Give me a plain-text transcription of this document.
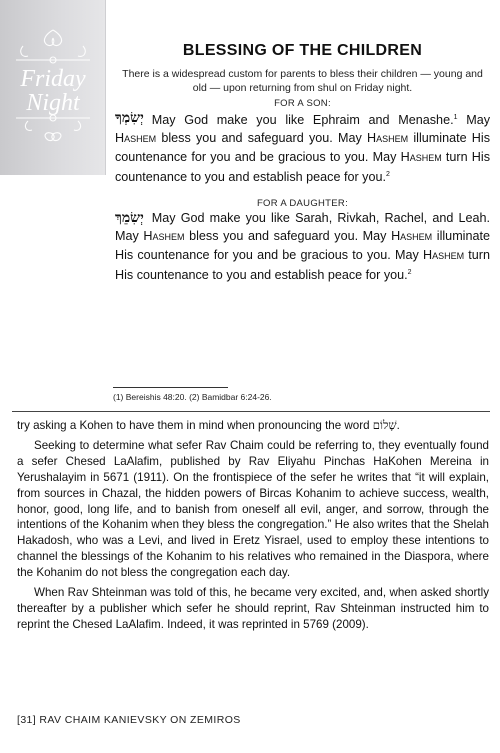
Friday
Night
BLESSING OF THE CHILDREN
There is a widespread custom for parents to bless their children — young and old — upon returning from shul on Friday night.
FOR A SON:
יְשִׂמְךָ May God make you like Ephraim and Menashe.$^1$ May Hashem bless you and safeguard you. May Hashem illuminate His countenance for you and be gracious to you. May Hashem turn His countenance to you and establish peace for you.$^2$
FOR A DAUGHTER:
יְשִׂמֵךְ May God make you like Sarah, Rivkah, Rachel, and Leah. May Hashem bless you and safeguard you. May Hashem illuminate His countenance for you and be gracious to you. May Hashem turn His countenance to you and establish peace for you.$^2$
(1) Bereishis 48:20. (2) Bamidbar 6:24-26.

try asking a Kohen to have them in mind when pronouncing the word שָׁלוֹם.

Seeking to determine what sefer Rav Chaim could be referring to, they eventually found a sefer Chesed LaAlafim, published by Rav Eliyahu Pinchas HaKohen Mereina in Yerushalayim in 5671 (1911). On the frontispiece of the sefer he writes that “it will explain, from sources in Chazal, the hidden powers of Bircas Kohanim to achieve success, wealth, honor, good, long life, and to banish from oneself all evil, anger, and sorrow, through the intentions of the Kohanim when they bless the congregation.” He also writes that the Shelah Hakadosh, who was a Levi, and lived in Eretz Yisrael, used to employ these intentions to channel the blessings of the Kohanim to his relatives who remained in the Diaspora, where the Kohanim do not bless the congregation each day.

When Rav Shteinman was told of this, he became very excited, and, when asked shortly thereafter by a publisher which sefer he should reprint, Rav Shteinman instructed him to reprint the Chesed LaAlafim. Indeed, it was reprinted in 5769 (2009).

[31] RAV CHAIM KANIEVSKY ON ZEMIROS
